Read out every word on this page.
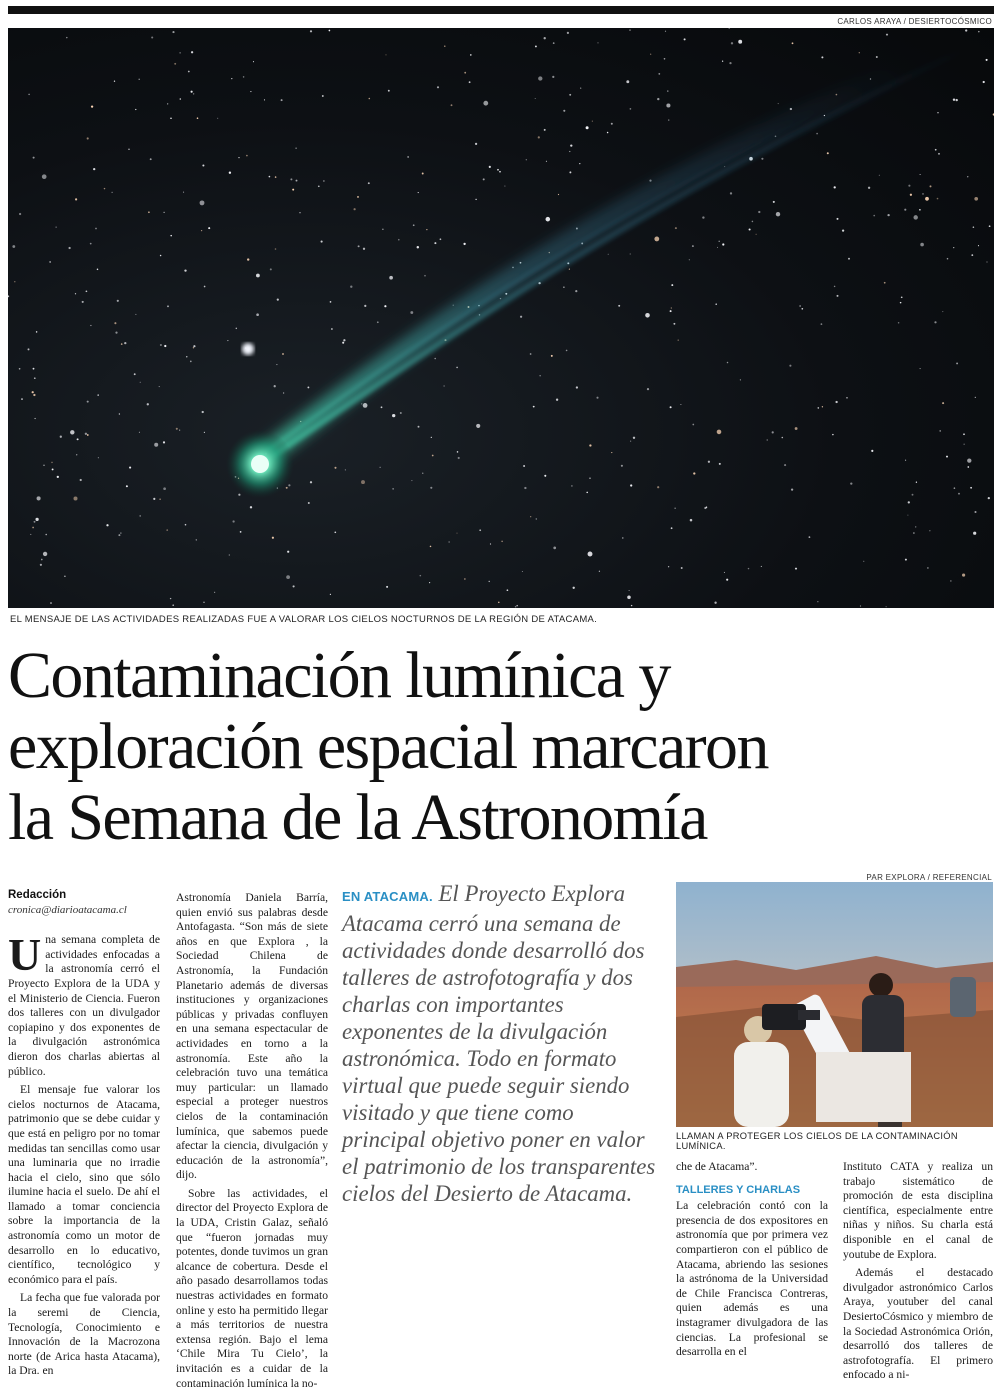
CARLOS ARAYA / DESIERTOCÓSMICO
EL MENSAJE DE LAS ACTIVIDADES REALIZADAS FUE A VALORAR LOS CIELOS NOCTURNOS DE LA REGIÓN DE ATACAMA.
Contaminación lumínica y
exploración espacial marcaron
la Semana de la Astronomía
Redacción
cronica@diarioatacama.cl

Una semana completa de actividades enfocadas a la astronomía cerró el Proyecto Explora de la UDA y el Ministerio de Ciencia. Fueron dos talleres con un divulgador copiapino y dos exponentes de la divulgación astronómica dieron dos charlas abiertas al público.

El mensaje fue valorar los cielos nocturnos de Atacama, patrimonio que se debe cuidar y que está en peligro por no tomar medidas tan sencillas como usar una luminaria que no irradie hacia el cielo, sino que sólo ilumine hacia el suelo. De ahí el llamado a tomar conciencia sobre la importancia de la astronomía como un motor de desarrollo en lo educativo, científico, tecnológico y económico para el país.

La fecha que fue valorada por la seremi de Ciencia, Tecnología, Conocimiento e Innovación de la Macrozona norte (de Arica hasta Atacama), la Dra. en

Astronomía Daniela Barría, quien envió sus palabras desde Antofagasta. “Son más de siete años en que Explora , la Sociedad Chilena de Astronomía, la Fundación Planetario además de diversas instituciones y organizaciones públicas y privadas confluyen en una semana espectacular de actividades en torno a la astronomía. Este año la celebración tuvo una temática muy particular: un llamado especial a proteger nuestros cielos de la contaminación lumínica, que sabemos puede afectar la ciencia, divulgación y educación de la astronomía”, dijo.

Sobre las actividades, el director del Proyecto Explora de la UDA, Cristin Galaz, señaló que “fueron jornadas muy potentes, donde tuvimos un gran alcance de cobertura. Desde el año pasado desarrollamos todas nuestras actividades en formato online y esto ha permitido llegar a más territorios de nuestra extensa región. Bajo el lema ‘Chile Mira Tu Cielo’, la invitación es a cuidar de la contaminación lumínica la no-

EN ATACAMA. El Proyecto Explora Atacama cerró una semana de actividades donde desarrolló dos talleres de astrofotografía y dos charlas con importantes exponentes de la divulgación astronómica. Todo en formato virtual que puede seguir siendo visitado y que tiene como principal objetivo poner en valor el patrimonio de los transparentes cielos del Desierto de Atacama.
PAR EXPLORA / REFERENCIAL
LLAMAN A PROTEGER LOS CIELOS DE LA CONTAMINACIÓN LUMÍNICA.

che de Atacama”.

TALLERES Y CHARLAS

La celebración contó con la presencia de dos expositores en astronomía que por primera vez compartieron con el público de Atacama, abriendo las sesiones la astrónoma de la Universidad de Chile Francisca Contreras, quien además es una instagramer divulgadora de las ciencias. La profesional se desarrolla en el

Instituto CATA y realiza un trabajo sistemático de promoción de esta disciplina científica, especialmente entre niñas y niños. Su charla está disponible en el canal de youtube de Explora.

Además el destacado divulgador astronómico Carlos Araya, youtuber del canal DesiertoCósmico y miembro de la Sociedad Astronómica Orión, desarrolló dos talleres de astrofotografía. El primero enfocado a ni-
